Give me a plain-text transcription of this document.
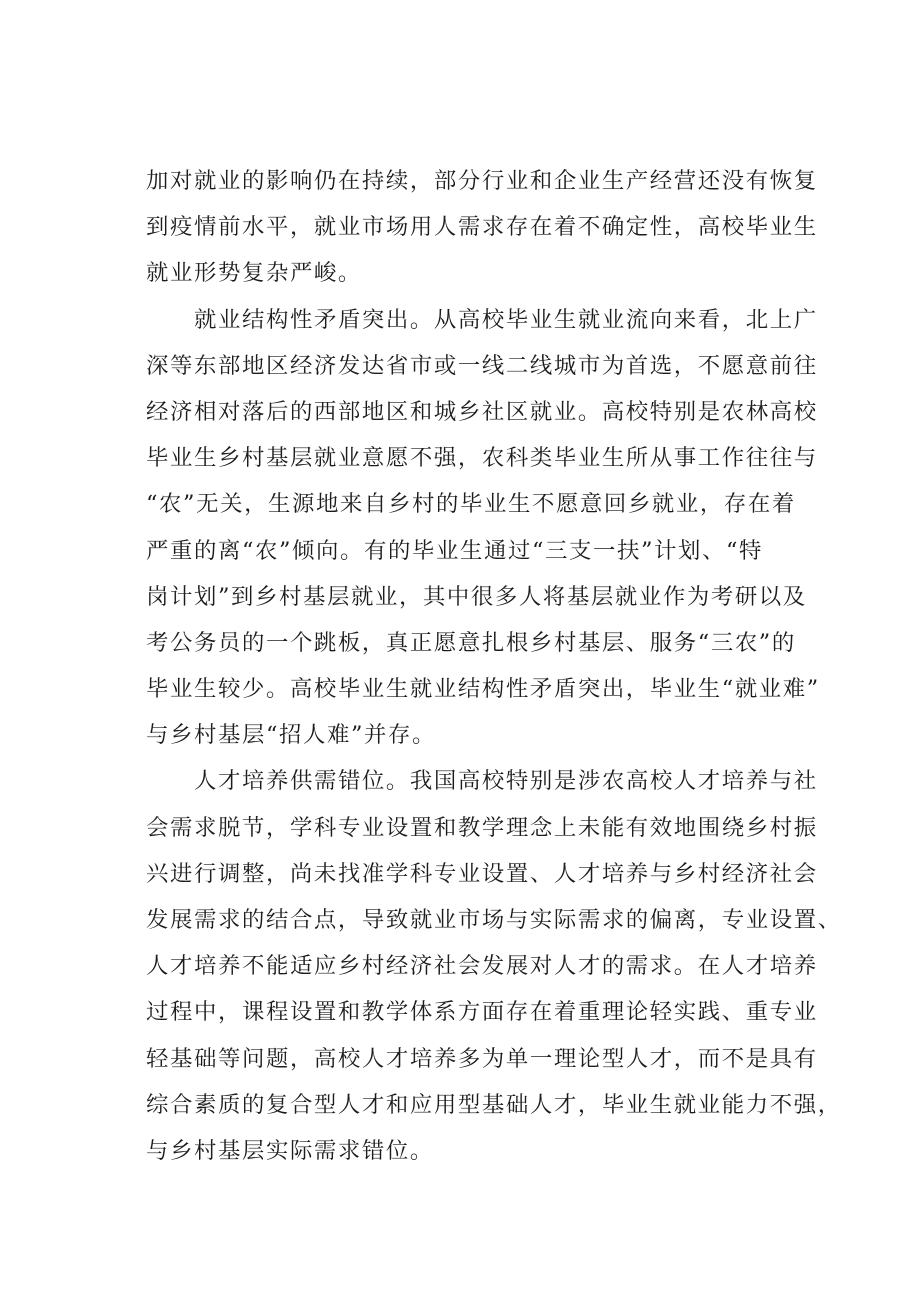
加对就业的影响仍在持续，部分行业和企业生产经营还没有恢复
到疫情前水平，就业市场用人需求存在着不确定性，高校毕业生
就业形势复杂严峻。
就业结构性矛盾突出。从高校毕业生就业流向来看，北上广
深等东部地区经济发达省市或一线二线城市为首选，不愿意前往
经济相对落后的西部地区和城乡社区就业。高校特别是农林高校
毕业生乡村基层就业意愿不强，农科类毕业生所从事工作往往与
“农”无关，生源地来自乡村的毕业生不愿意回乡就业，存在着
严重的离“农”倾向。有的毕业生通过“三支一扶”计划、“特
岗计划”到乡村基层就业，其中很多人将基层就业作为考研以及
考公务员的一个跳板，真正愿意扎根乡村基层、服务“三农”的
毕业生较少。高校毕业生就业结构性矛盾突出，毕业生“就业难”
与乡村基层“招人难”并存。
人才培养供需错位。我国高校特别是涉农高校人才培养与社
会需求脱节，学科专业设置和教学理念上未能有效地围绕乡村振
兴进行调整，尚未找准学科专业设置、人才培养与乡村经济社会
发展需求的结合点，导致就业市场与实际需求的偏离，专业设置、
人才培养不能适应乡村经济社会发展对人才的需求。在人才培养
过程中，课程设置和教学体系方面存在着重理论轻实践、重专业
轻基础等问题，高校人才培养多为单一理论型人才，而不是具有
综合素质的复合型人才和应用型基础人才，毕业生就业能力不强，
与乡村基层实际需求错位。
